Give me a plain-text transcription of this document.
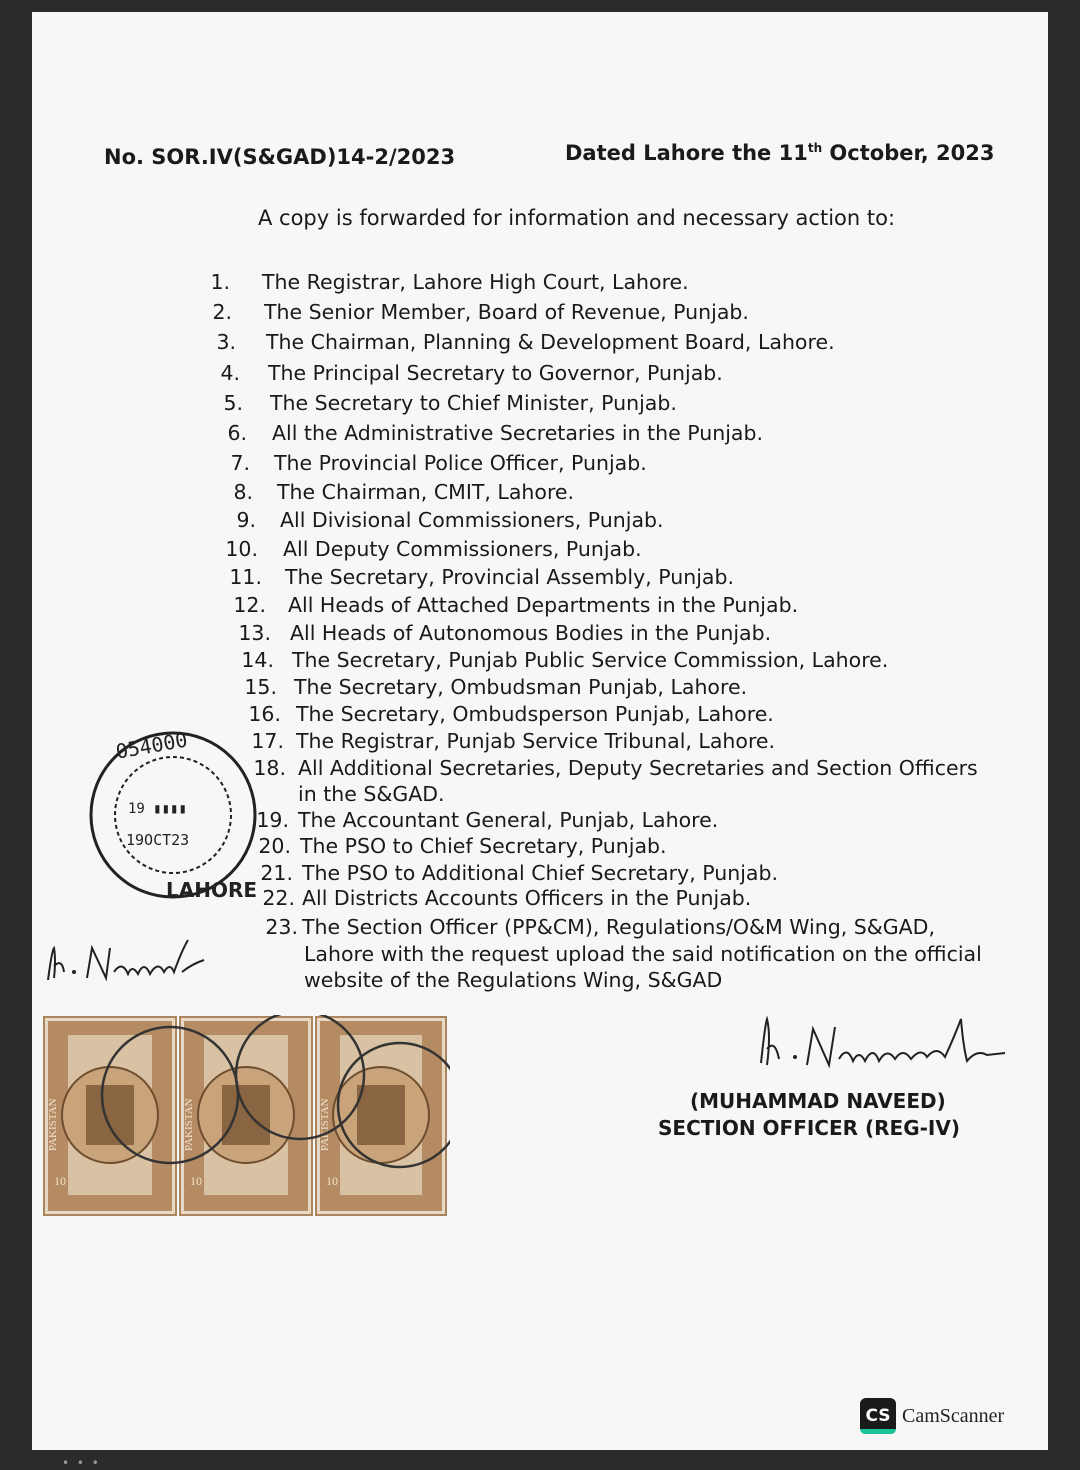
No. SOR.IV(S&GAD)14-2/2023	Dated Lahore the 11th October, 2023
A copy is forwarded for information and necessary action to:
1. The Registrar, Lahore High Court, Lahore.
2. The Senior Member, Board of Revenue, Punjab.
3. The Chairman, Planning & Development Board, Lahore.
4. The Principal Secretary to Governor, Punjab.
5. The Secretary to Chief Minister, Punjab.
6. All the Administrative Secretaries in the Punjab.
7. The Provincial Police Officer, Punjab.
8. The Chairman, CMIT, Lahore.
9. All Divisional Commissioners, Punjab.
10. All Deputy Commissioners, Punjab.
11. The Secretary, Provincial Assembly, Punjab.
12. All Heads of Attached Departments in the Punjab.
13. All Heads of Autonomous Bodies in the Punjab.
14. The Secretary, Punjab Public Service Commission, Lahore.
15. The Secretary, Ombudsman Punjab, Lahore.
16. The Secretary, Ombudsperson Punjab, Lahore.
17. The Registrar, Punjab Service Tribunal, Lahore.
18. All Additional Secretaries, Deputy Secretaries and Section Officers
in the S&GAD.
19. The Accountant General, Punjab, Lahore.
20. The PSO to Chief Secretary, Punjab.
21. The PSO to Additional Chief Secretary, Punjab.
22. All Districts Accounts Officers in the Punjab.
23. The Section Officer (PP&CM), Regulations/O&M Wing, S&GAD,
Lahore with the request upload the said notification on the official
website of the Regulations Wing, S&GAD
054000
19 ▮▮▮▮
19OCT23
LAHORE
PAKISTAN
10
PAKISTAN
10
PAKISTAN
10
(MUHAMMAD NAVEED)
SECTION OFFICER (REG-IV)
CS CamScanner
• • •
